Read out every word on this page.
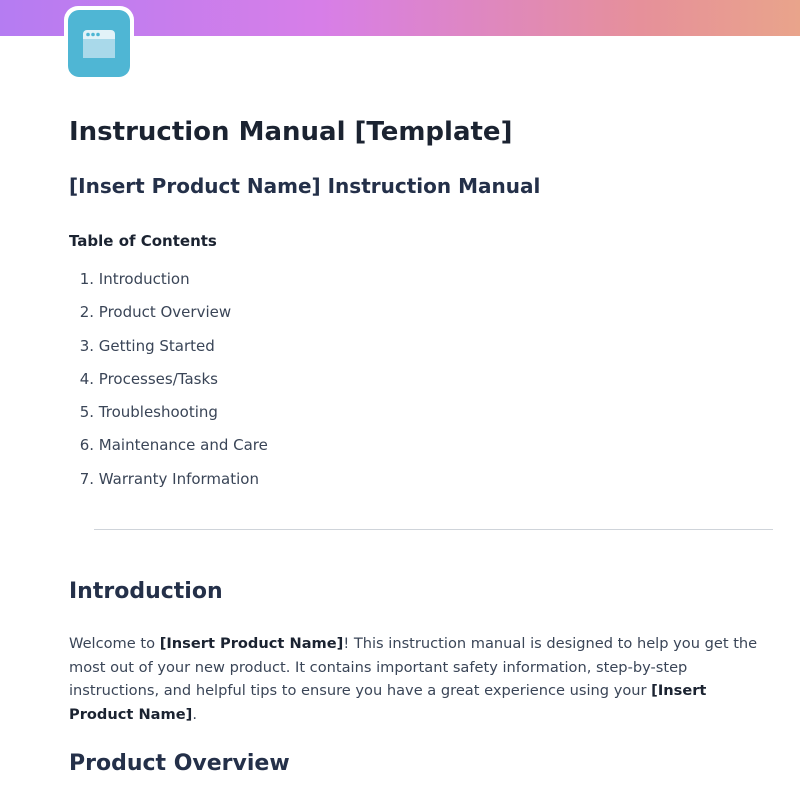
Instruction Manual [Template]
[Insert Product Name] Instruction Manual
Table of Contents
1. Introduction
2. Product Overview
3. Getting Started
4. Processes/Tasks
5. Troubleshooting
6. Maintenance and Care
7. Warranty Information
Introduction

Welcome to [Insert Product Name]! This instruction manual is designed to help you get the most out of your new product. It contains important safety information, step-by-step instructions, and helpful tips to ensure you have a great experience using your [Insert Product Name].

Product Overview
